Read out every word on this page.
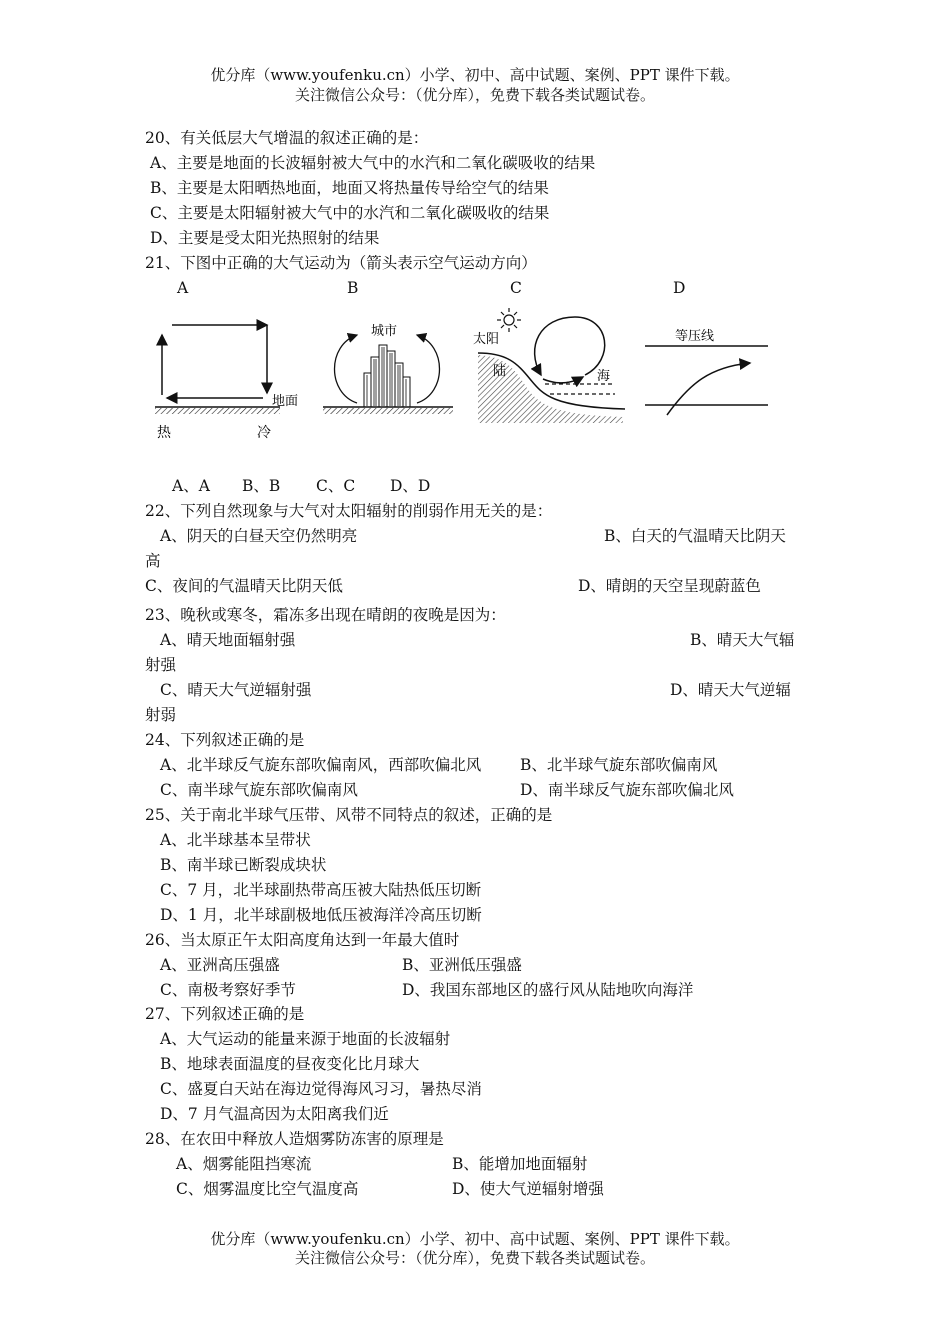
优分库（www.youfenku.cn）小学、初中、高中试题、案例、PPT 课件下载。
关注微信公众号：（优分库），免费下载各类试题试卷。
20、有关低层大气增温的叙述正确的是：
A、主要是地面的长波辐射被大气中的水汽和二氧化碳吸收的结果
B、主要是太阳晒热地面，地面又将热量传导给空气的结果
C、主要是太阳辐射被大气中的水汽和二氧化碳吸收的结果
D、主要是受太阳光热照射的结果
21、下图中正确的大气运动为（箭头表示空气运动方向）
A	B	C	D
地面
热	冷
城市
太阳
陆	海
等压线
A、A B、B C、C D、D
22、下列自然现象与大气对太阳辐射的削弱作用无关的是：
A、阴天的白昼天空仍然明亮	B、白天的气温晴天比阴天
高
C、夜间的气温晴天比阴天低	D、晴朗的天空呈现蔚蓝色
23、晚秋或寒冬，霜冻多出现在晴朗的夜晚是因为：
A、晴天地面辐射强	B、晴天大气辐
射强
C、晴天大气逆辐射强	D、晴天大气逆辐
射弱
24、下列叙述正确的是
A、北半球反气旋东部吹偏南风，西部吹偏北风	B、北半球气旋东部吹偏南风
C、南半球气旋东部吹偏南风	D、南半球反气旋东部吹偏北风
25、关于南北半球气压带、风带不同特点的叙述，正确的是
A、北半球基本呈带状
B、南半球已断裂成块状
C、7 月，北半球副热带高压被大陆热低压切断
D、1 月，北半球副极地低压被海洋冷高压切断
26、当太原正午太阳高度角达到一年最大值时
A、亚洲高压强盛	B、亚洲低压强盛
C、南极考察好季节	D、我国东部地区的盛行风从陆地吹向海洋
27、下列叙述正确的是
A、大气运动的能量来源于地面的长波辐射
B、地球表面温度的昼夜变化比月球大
C、盛夏白天站在海边觉得海风习习，暑热尽消
D、7 月气温高因为太阳离我们近
28、在农田中释放人造烟雾防冻害的原理是
A、烟雾能阻挡寒流	B、能增加地面辐射
C、烟雾温度比空气温度高	D、使大气逆辐射增强
优分库（www.youfenku.cn）小学、初中、高中试题、案例、PPT 课件下载。
关注微信公众号：（优分库），免费下载各类试题试卷。
